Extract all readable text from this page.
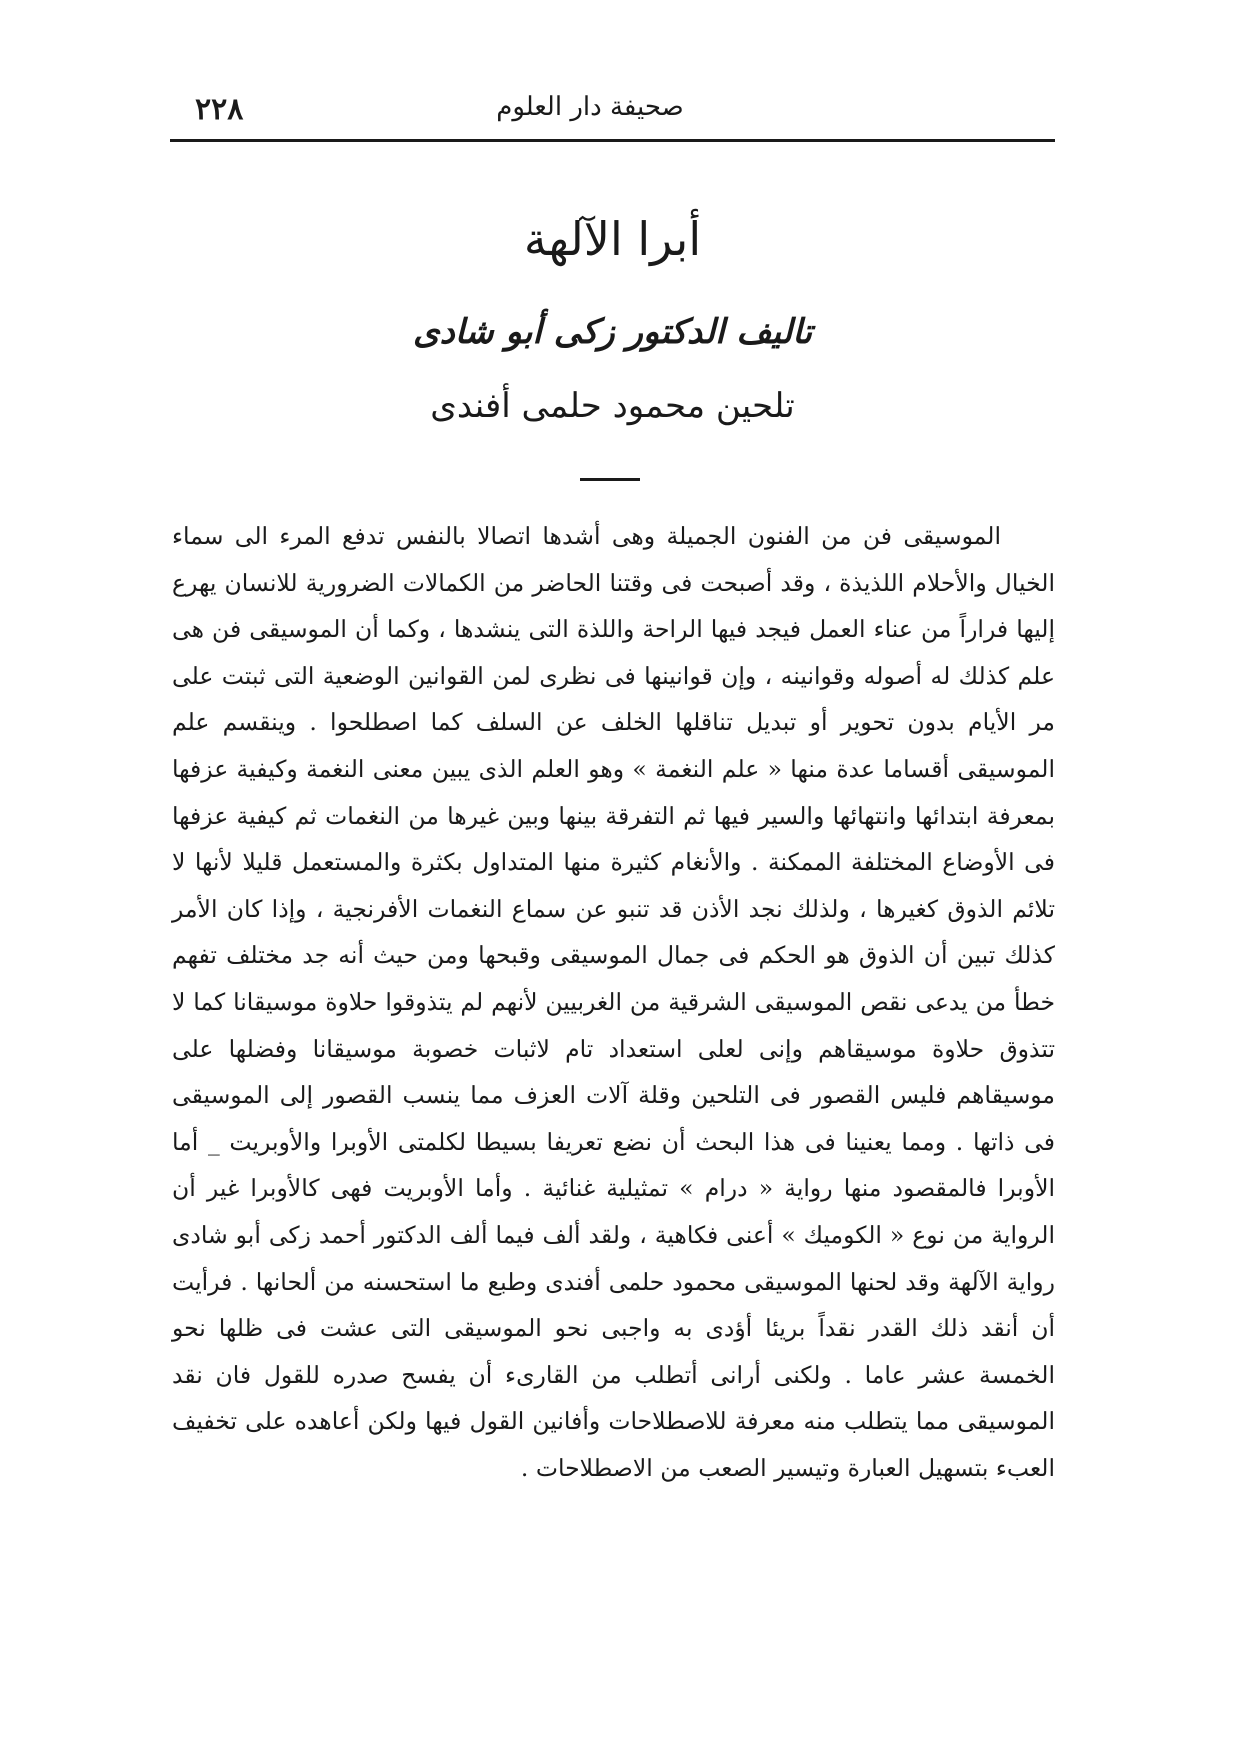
٢٢٨	صحيفة دار العلوم
أبرا الآلهة
تاليف الدكتور زكى أبو شادى
تلحين محمود حلمى أفندى

الموسيقى فن من الفنون الجميلة وهى أشدها اتصالا بالنفس تدفع المرء الى سماء الخيال والأحلام اللذيذة ، وقد أصبحت فى وقتنا الحاضر من الكمالات الضرورية للانسان يهرع إليها فراراً من عناء العمل فيجد فيها الراحة واللذة التى ينشدها ، وكما أن الموسيقى فن هى علم كذلك له أصوله وقوانينه ، وإن قوانينها فى نظرى لمن القوانين الوضعية التى ثبتت على مر الأيام بدون تحوير أو تبديل تناقلها الخلف عن السلف كما اصطلحوا . وينقسم علم الموسيقى أقساما عدة منها « علم النغمة » وهو العلم الذى يبين معنى النغمة وكيفية عزفها بمعرفة ابتدائها وانتهائها والسير فيها ثم التفرقة بينها وبين غيرها من النغمات ثم كيفية عزفها فى الأوضاع المختلفة الممكنة . والأنغام كثيرة منها المتداول بكثرة والمستعمل قليلا لأنها لا تلائم الذوق كغيرها ، ولذلك نجد الأذن قد تنبو عن سماع النغمات الأفرنجية ، وإذا كان الأمر كذلك تبين أن الذوق هو الحكم فى جمال الموسيقى وقبحها ومن حيث أنه جد مختلف تفهم خطأ من يدعى نقص الموسيقى الشرقية من الغربيين لأنهم لم يتذوقوا حلاوة موسيقانا كما لا تتذوق حلاوة موسيقاهم وإنى لعلى استعداد تام لاثبات خصوبة موسيقانا وفضلها على موسيقاهم فليس القصور فى التلحين وقلة آلات العزف مما ينسب القصور إلى الموسيقى فى ذاتها . ومما يعنينا فى هذا البحث أن نضع تعريفا بسيطا لكلمتى الأوبرا والأوبريت _ أما الأوبرا فالمقصود منها رواية « درام » تمثيلية غنائية . وأما الأوبريت فهى كالأوبرا غير أن الرواية من نوع « الكوميك » أعنى فكاهية ، ولقد ألف فيما ألف الدكتور أحمد زكى أبو شادى رواية الآلهة وقد لحنها الموسيقى محمود حلمى أفندى وطبع ما استحسنه من ألحانها . فرأيت أن أنقد ذلك القدر نقداً بريئا أؤدى به واجبى نحو الموسيقى التى عشت فى ظلها نحو الخمسة عشر عاما . ولكنى أرانى أتطلب من القارىء أن يفسح صدره للقول فان نقد الموسيقى مما يتطلب منه معرفة للاصطلاحات وأفانين القول فيها ولكن أعاهده على تخفيف العبء بتسهيل العبارة وتيسير الصعب من الاصطلاحات .
